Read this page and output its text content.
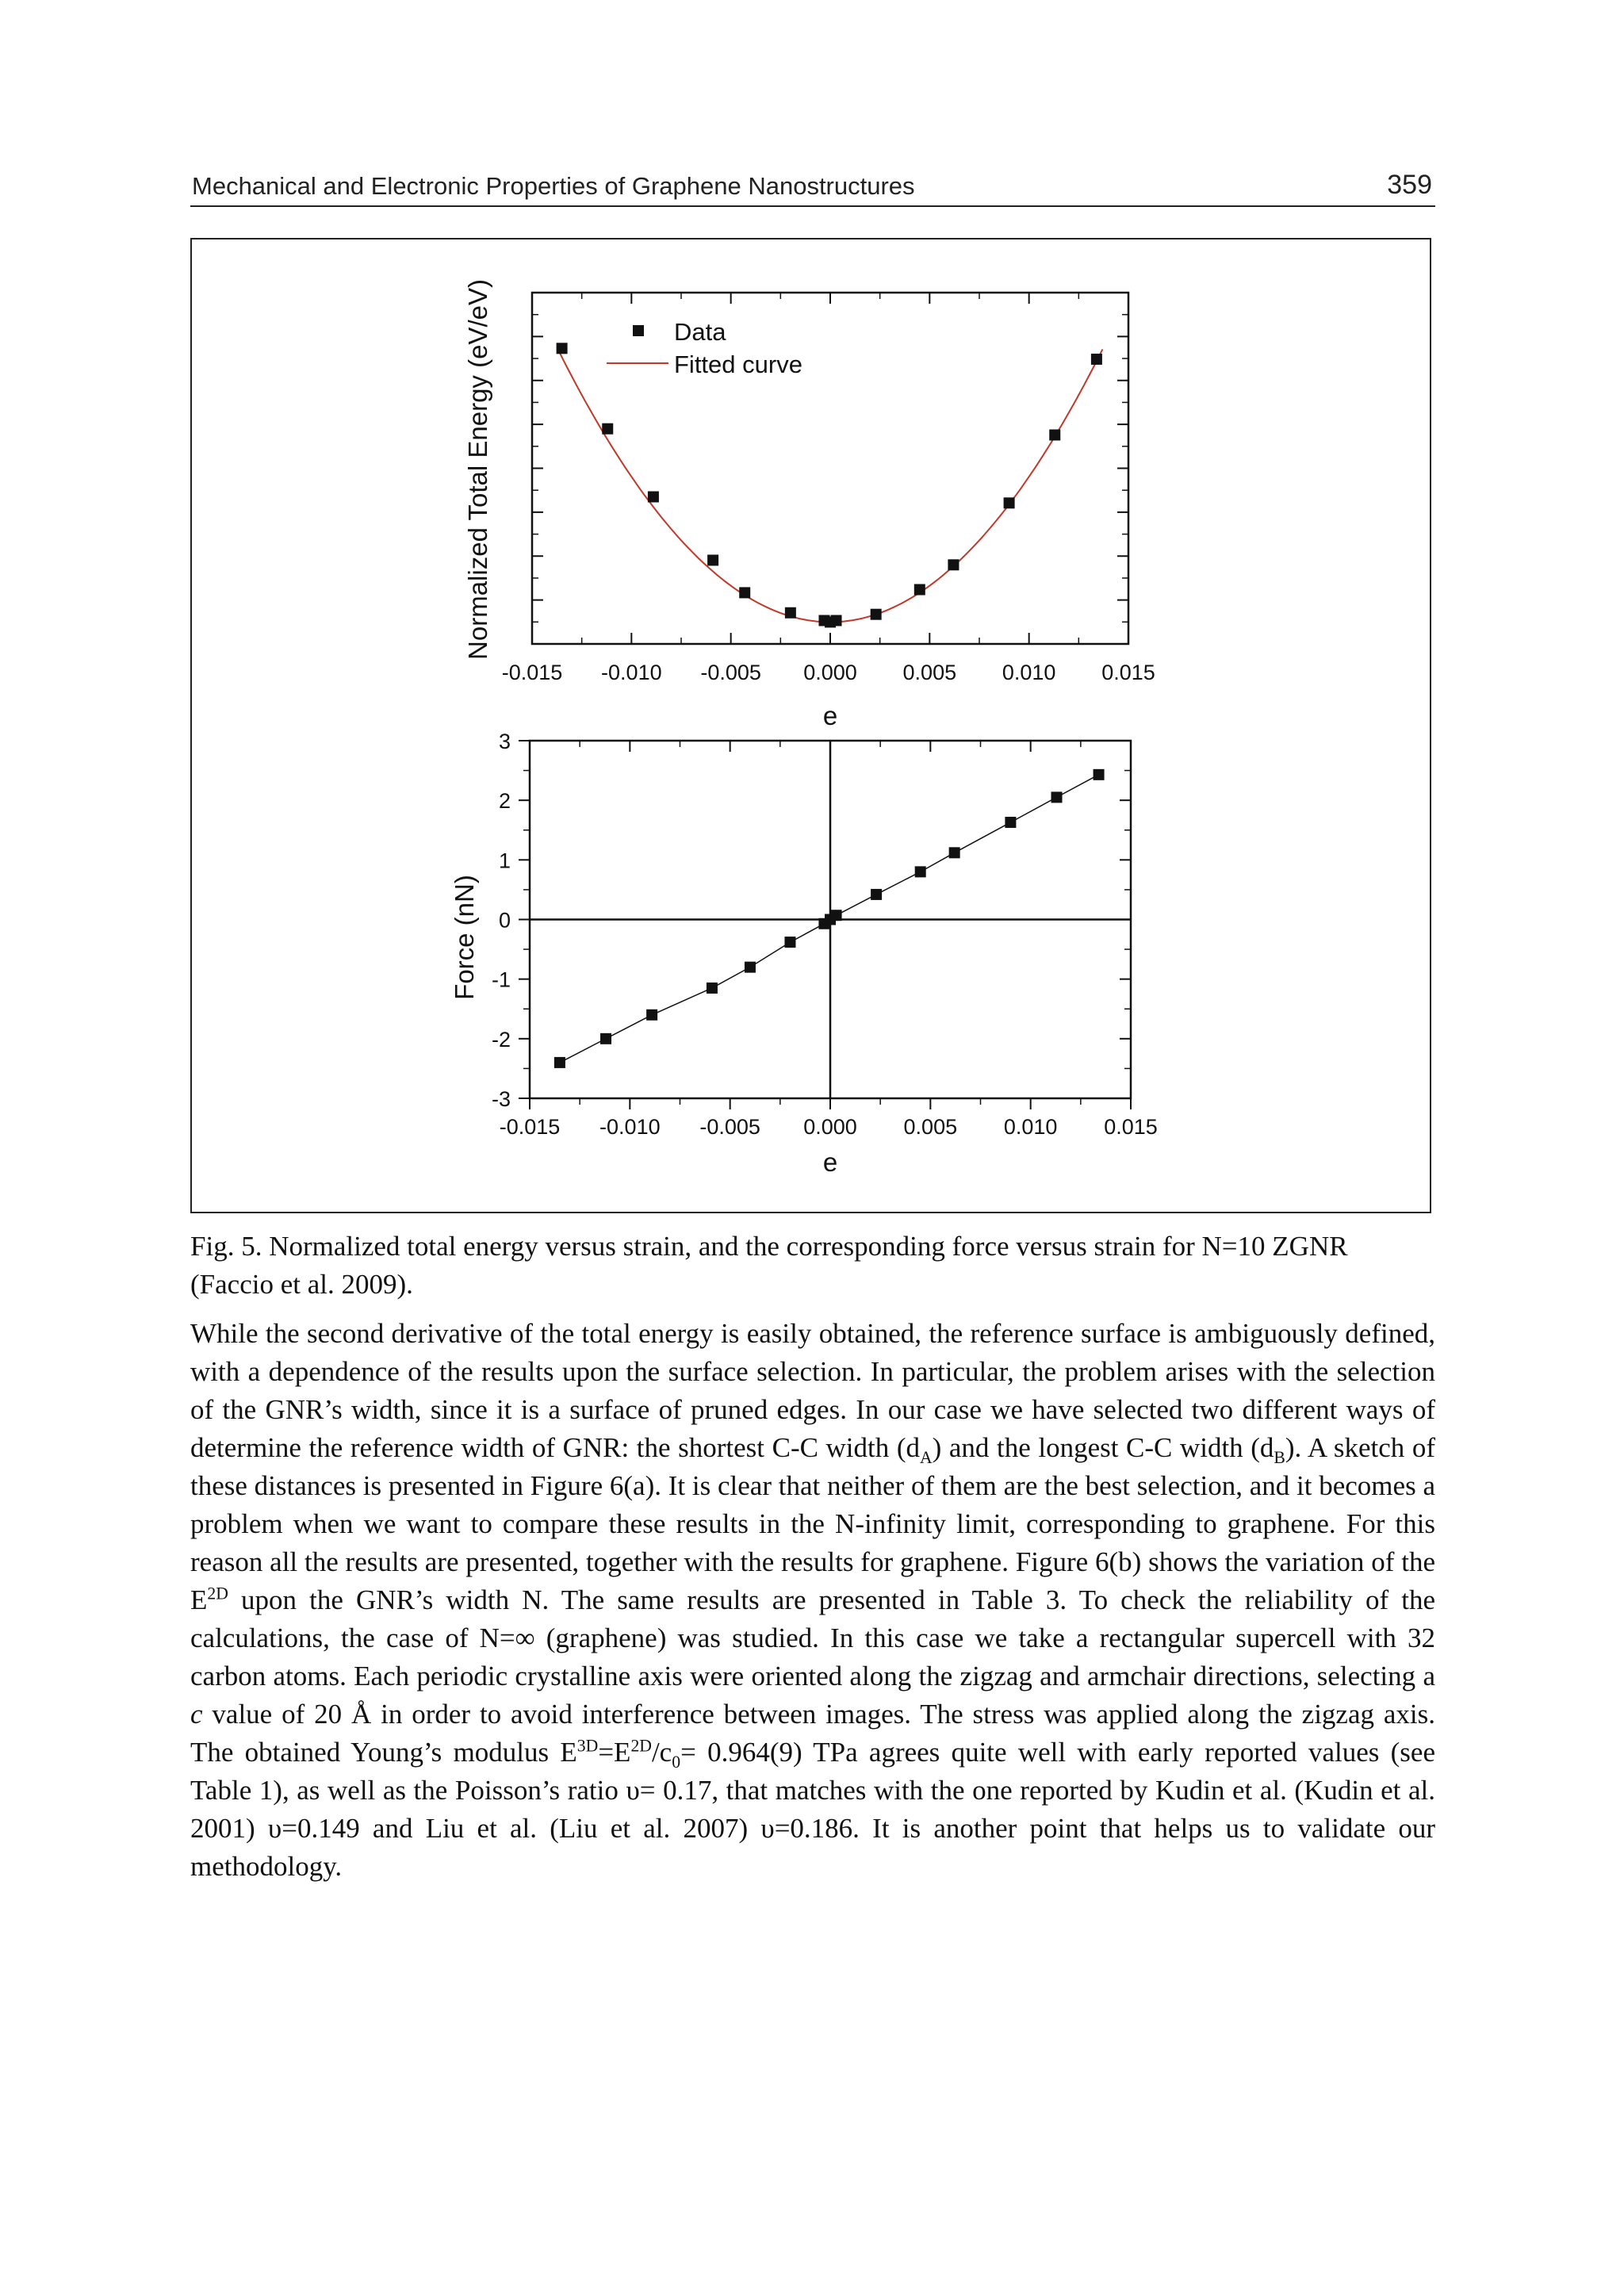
Mechanical and Electronic Properties of Graphene Nanostructures	359
-0.015 -0.010 -0.005 0.000 0.005 0.010 0.015
Normalized Total Energy (eV/eV)
e
Data
Fitted curve
-0.015 -0.010 -0.005 0.000 0.005 0.010 0.015
3
2
1
0
-1
-2
-3
Force (nN)
e
Fig. 5. Normalized total energy versus strain, and the corresponding force versus strain for N=10 ZGNR (Faccio et al. 2009).

While the second derivative of the total energy is easily obtained, the reference surface is ambiguously defined, with a dependence of the results upon the surface selection. In particular, the problem arises with the selection of the GNR’s width, since it is a surface of pruned edges. In our case we have selected two different ways of determine the reference width of GNR: the shortest C-C width $(d_A)$ and the longest C-C width $(d_B)$. A sketch of these distances is presented in Figure 6(a). It is clear that neither of them are the best selection, and it becomes a problem when we want to compare these results in the N-infinity limit, corresponding to graphene. For this reason all the results are presented, together with the results for graphene. Figure 6(b) shows the variation of the $E^{2D}$ upon the GNR’s width N. The same results are presented in Table 3. To check the reliability of the calculations, the case of N=∞ (graphene) was studied. In this case we take a rectangular supercell with 32 carbon atoms. Each periodic crystalline axis were oriented along the zigzag and armchair directions, selecting a c value of 20 Å in order to avoid interference between images. The stress was applied along the zigzag axis. The obtained Young’s modulus $E^{3D}=E^{2D}/c_0= 0.964(9)$ TPa agrees quite well with early reported values (see Table 1), as well as the Poisson’s ratio υ= 0.17, that matches with the one reported by Kudin et al. (Kudin et al. 2001) υ=0.149 and Liu et al. (Liu et al. 2007) υ=0.186. It is another point that helps us to validate our methodology.
